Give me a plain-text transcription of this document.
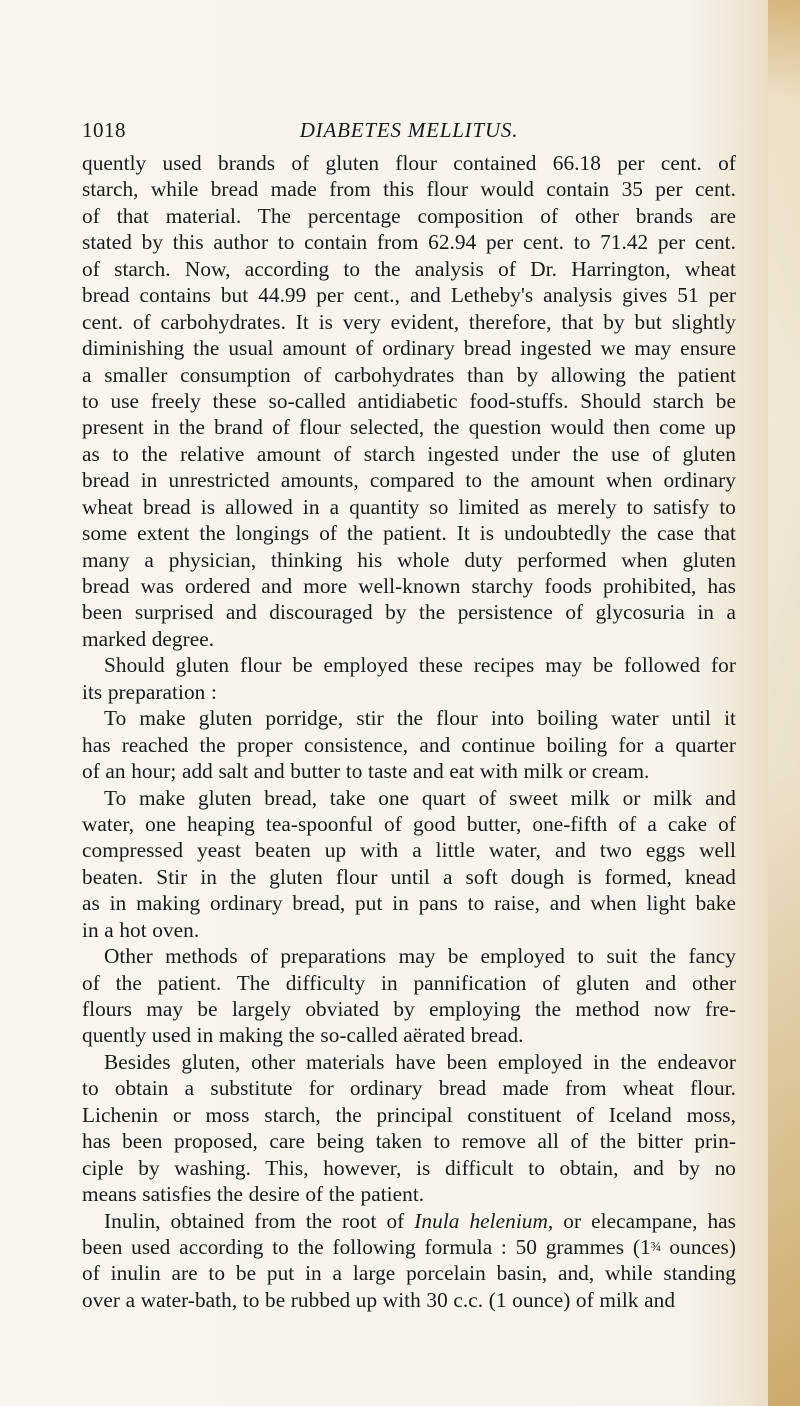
1018	DIABETES MELLITUS.
quently used brands of gluten flour contained 66.18 per cent. of
starch, while bread made from this flour would contain 35 per cent.
of that material. The percentage composition of other brands are
stated by this author to contain from 62.94 per cent. to 71.42 per cent.
of starch. Now, according to the analysis of Dr. Harrington, wheat
bread contains but 44.99 per cent., and Letheby's analysis gives 51 per
cent. of carbohydrates. It is very evident, therefore, that by but slightly
diminishing the usual amount of ordinary bread ingested we may ensure
a smaller consumption of carbohydrates than by allowing the patient
to use freely these so-called antidiabetic food-stuffs. Should starch be
present in the brand of flour selected, the question would then come up
as to the relative amount of starch ingested under the use of gluten
bread in unrestricted amounts, compared to the amount when ordinary
wheat bread is allowed in a quantity so limited as merely to satisfy to
some extent the longings of the patient. It is undoubtedly the case that
many a physician, thinking his whole duty performed when gluten
bread was ordered and more well-known starchy foods prohibited, has
been surprised and discouraged by the persistence of glycosuria in a
marked degree.
Should gluten flour be employed these recipes may be followed for
its preparation :
To make gluten porridge, stir the flour into boiling water until it
has reached the proper consistence, and continue boiling for a quarter
of an hour; add salt and butter to taste and eat with milk or cream.
To make gluten bread, take one quart of sweet milk or milk and
water, one heaping tea-spoonful of good butter, one-fifth of a cake of
compressed yeast beaten up with a little water, and two eggs well
beaten. Stir in the gluten flour until a soft dough is formed, knead
as in making ordinary bread, put in pans to raise, and when light bake
in a hot oven.
Other methods of preparations may be employed to suit the fancy
of the patient. The difficulty in pannification of gluten and other
flours may be largely obviated by employing the method now fre-
quently used in making the so-called aërated bread.
Besides gluten, other materials have been employed in the endeavor
to obtain a substitute for ordinary bread made from wheat flour.
Lichenin or moss starch, the principal constituent of Iceland moss,
has been proposed, care being taken to remove all of the bitter prin-
ciple by washing. This, however, is difficult to obtain, and by no
means satisfies the desire of the patient.
Inulin, obtained from the root of Inula helenium, or elecampane, has
been used according to the following formula : 50 grammes (1¾ ounces)
of inulin are to be put in a large porcelain basin, and, while standing
over a water-bath, to be rubbed up with 30 c.c. (1 ounce) of milk and
